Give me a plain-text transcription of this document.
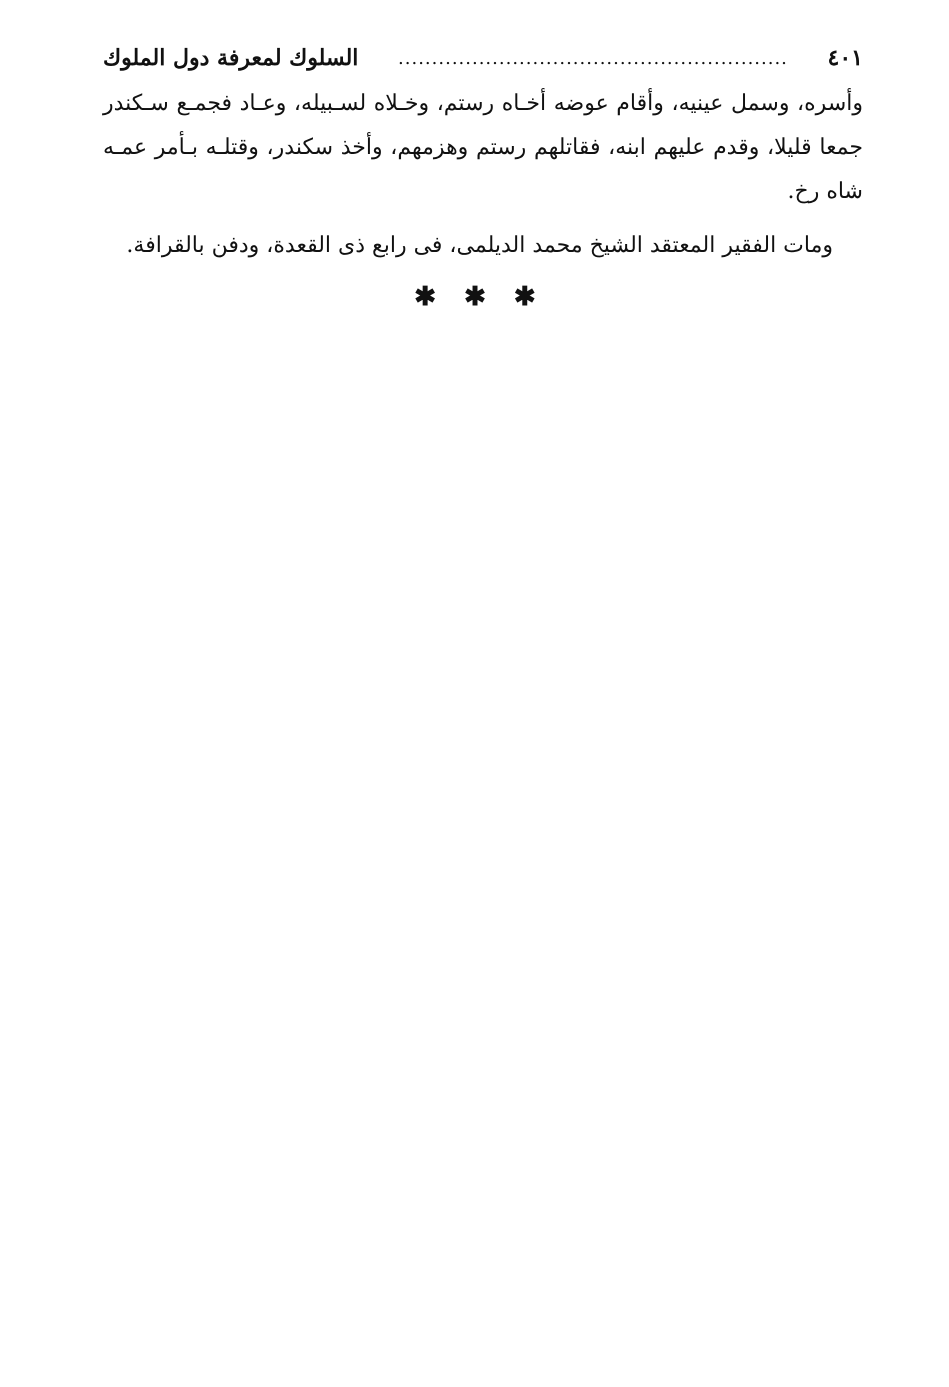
السلوك لمعرفة دول الملوك	..........................................................	٤٠١
وأسره، وسمل عينيه، وأقام عوضه أخـاه رستم، وخـلاه لسـبيله، وعـاد فجمـع سـكندر
جمعا قليلا، وقدم عليهم ابنه، فقاتلهم رستم وهزمهم، وأخذ سكندر، وقتلـه بـأمر عمـه
شاه رخ.
ومات الفقير المعتقد الشيخ محمد الديلمى، فى رابع ذى القعدة، ودفن بالقرافة.
✱ ✱ ✱
